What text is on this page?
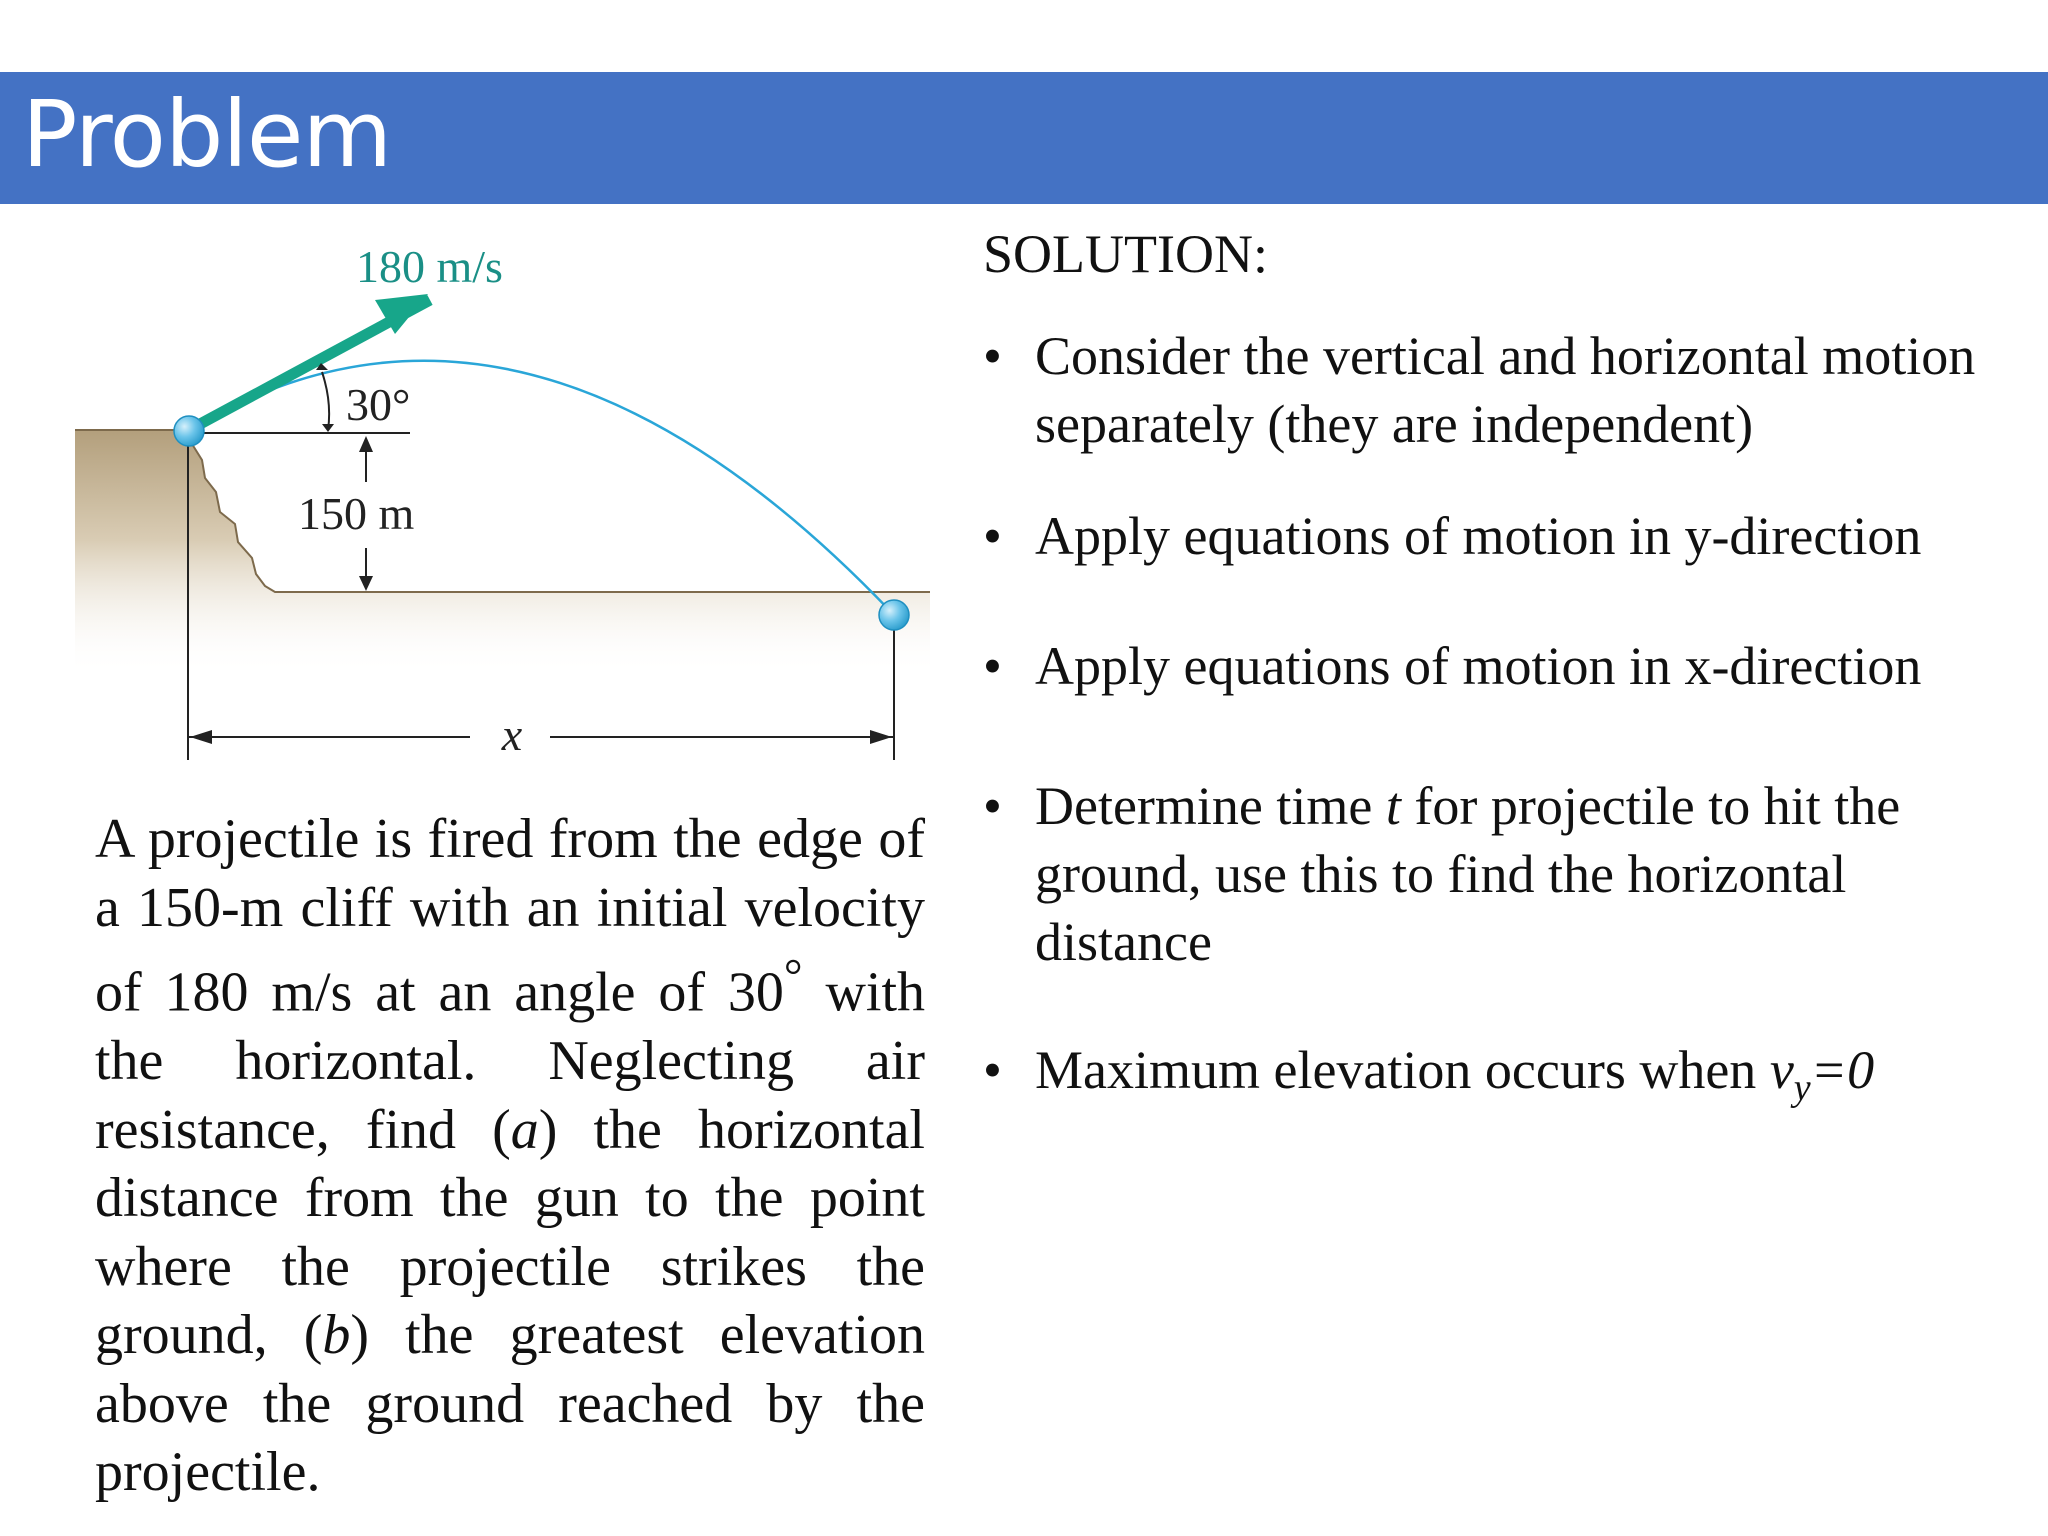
Problem
180 m/s
30°
150 m
x

A projectile is fired from the edge of a 150-m cliff with an initial velocity of 180 m/s at an angle of 30° with the horizontal. Neglecting air resistance, find (a) the horizontal distance from the gun to the point where the projectile strikes the ground, (b) the greatest elevation above the ground reached by the projectile.

SOLUTION:
• Consider the vertical and horizontal motion separately (they are independent)
• Apply equations of motion in y-direction
• Apply equations of motion in x-direction
• Determine time t for projectile to hit the ground, use this to find the horizontal distance
• Maximum elevation occurs when $v_y=0$
